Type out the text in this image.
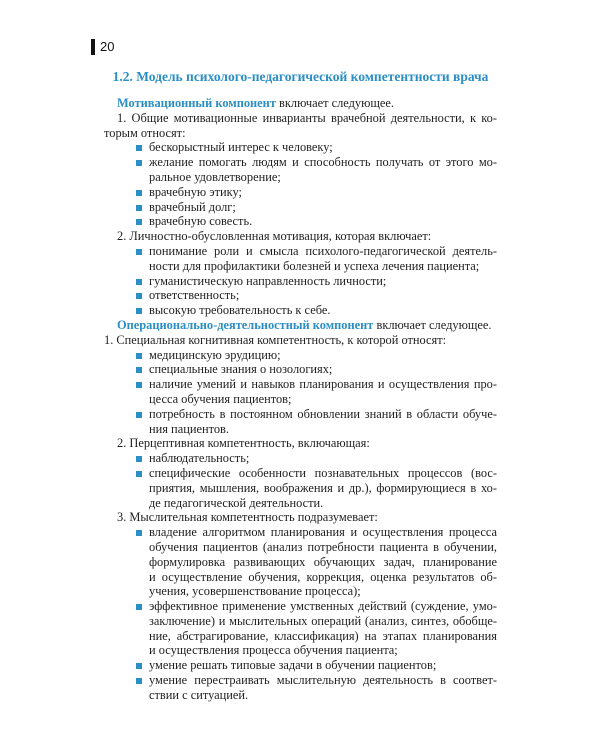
20
1.2. Модель психолого-педагогической компетентности врача
Мотивационный компонент включает следующее.
1. Общие мотивационные инварианты врачебной деятельности, к ко-
торым относят:
бескорыстный интерес к человеку;
желание помогать людям и способность получать от этого мо-
ральное удовлетворение;
врачебную этику;
врачебный долг;
врачебную совесть.
2. Личностно-обусловленная мотивация, которая включает:
понимание роли и смысла психолого-педагогической деятель-
ности для профилактики болезней и успеха лечения пациента;
гуманистическую направленность личности;
ответственность;
высокую требовательность к себе.
Операционально-деятельностный компонент включает следующее.
1. Специальная когнитивная компетентность, к которой относят:
медицинскую эрудицию;
специальные знания о нозологиях;
наличие умений и навыков планирования и осуществления про-
цесса обучения пациентов;
потребность в постоянном обновлении знаний в области обуче-
ния пациентов.
2. Перцептивная компетентность, включающая:
наблюдательность;
специфические особенности познавательных процессов (вос-
приятия, мышления, воображения и др.), формирующиеся в хо-
де педагогической деятельности.
3. Мыслительная компетентность подразумевает:
владение алгоритмом планирования и осуществления процесса
обучения пациентов (анализ потребности пациента в обучении,
формулировка развивающих обучающих задач, планирование
и осуществление обучения, коррекция, оценка результатов об-
учения, усовершенствование процесса);
эффективное применение умственных действий (суждение, умо-
заключение) и мыслительных операций (анализ, синтез, обобще-
ние, абстрагирование, классификация) на этапах планирования
и осуществления процесса обучения пациента;
умение решать типовые задачи в обучении пациентов;
умение перестраивать мыслительную деятельность в соответ-
ствии с ситуацией.
